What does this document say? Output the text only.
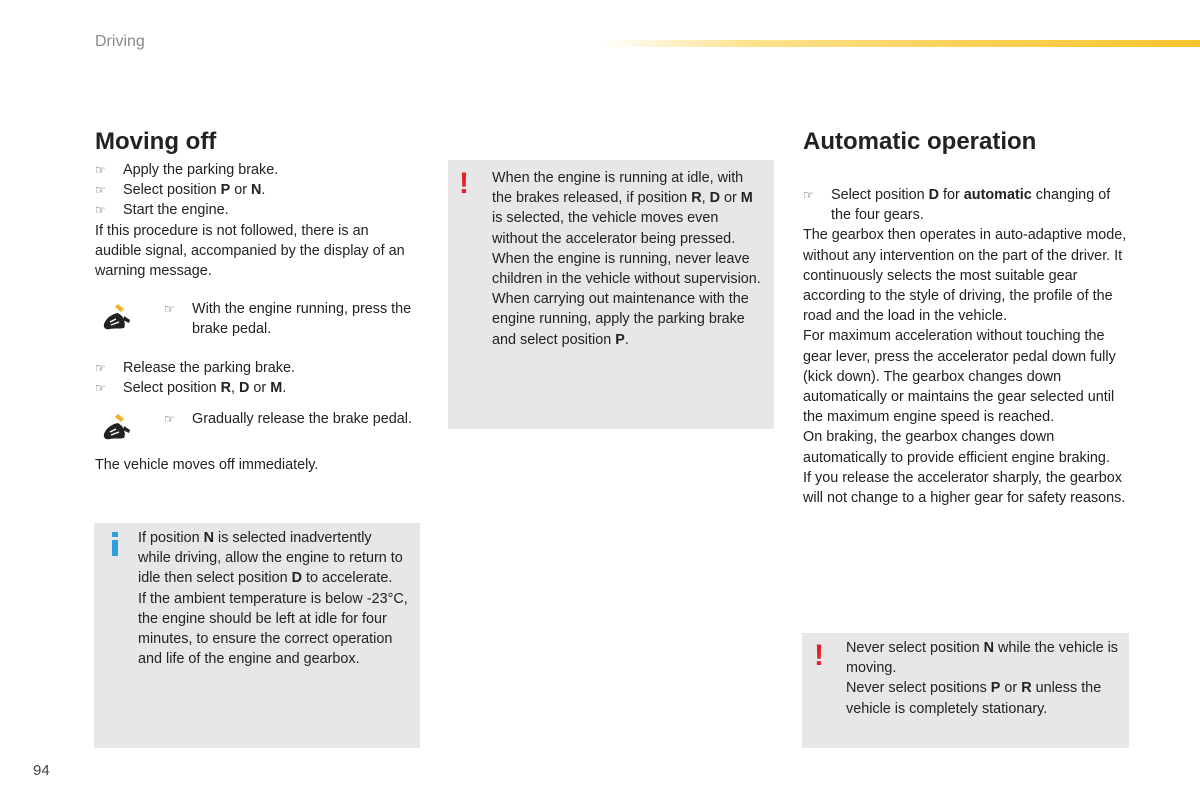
Driving
Moving off
☞ Apply the parking brake.
☞ Select position P or N.
☞ Start the engine.

If this procedure is not followed, there is an audible signal, accompanied by the display of an warning message.

☞ With the engine running, press the brake pedal.
☞ Release the parking brake.
☞ Select position R, D or M.
☞ Gradually release the brake pedal.
The vehicle moves off immediately.

If position N is selected inadvertently while driving, allow the engine to return to idle then select position D to accelerate.

If the ambient temperature is below -23°C, the engine should be left at idle for four minutes, to ensure the correct operation and life of the engine and gearbox.

! When the engine is running at idle, with the brakes released, if position R, D or M is selected, the vehicle moves even without the accelerator being pressed.

When the engine is running, never leave children in the vehicle without supervision.

When carrying out maintenance with the engine running, apply the parking brake and select position P.

Automatic operation
☞ Select position D for automatic changing of the four gears.

The gearbox then operates in auto-adaptive mode, without any intervention on the part of the driver. It continuously selects the most suitable gear according to the style of driving, the profile of the road and the load in the vehicle.

For maximum acceleration without touching the gear lever, press the accelerator pedal down fully (kick down). The gearbox changes down automatically or maintains the gear selected until the maximum engine speed is reached.

On braking, the gearbox changes down automatically to provide efficient engine braking.

If you release the accelerator sharply, the gearbox will not change to a higher gear for safety reasons.

! Never select position N while the vehicle is moving.

Never select positions P or R unless the vehicle is completely stationary.

94
